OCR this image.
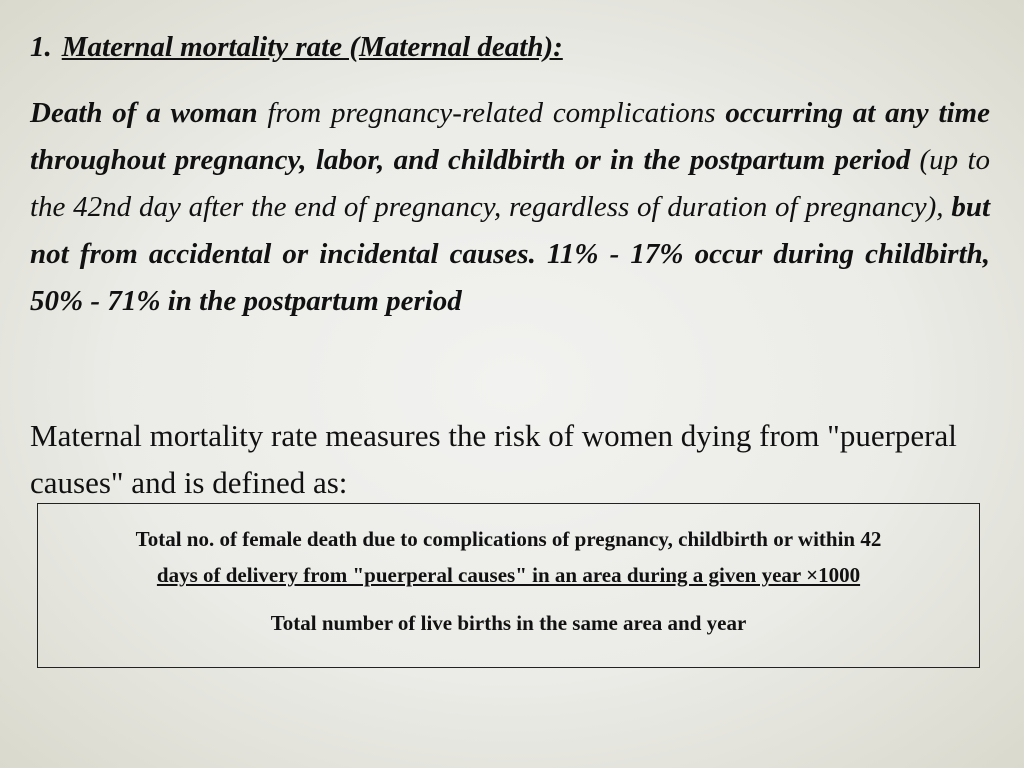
1. Maternal mortality rate (Maternal death):

Death of a woman from pregnancy-related complications occurring at any time throughout pregnancy, labor, and childbirth or in the postpartum period (up to the 42nd day after the end of pregnancy, regardless of duration of pregnancy), but not from accidental or incidental causes. 11% - 17% occur during childbirth, 50% - 71% in the postpartum period

Maternal mortality rate measures the risk of women dying from "puerperal causes" and is defined as:

Total no. of female death due to complications of pregnancy, childbirth or within 42
days of delivery from "puerperal causes" in an area during a given year ×1000

Total number of live births in the same area and year
